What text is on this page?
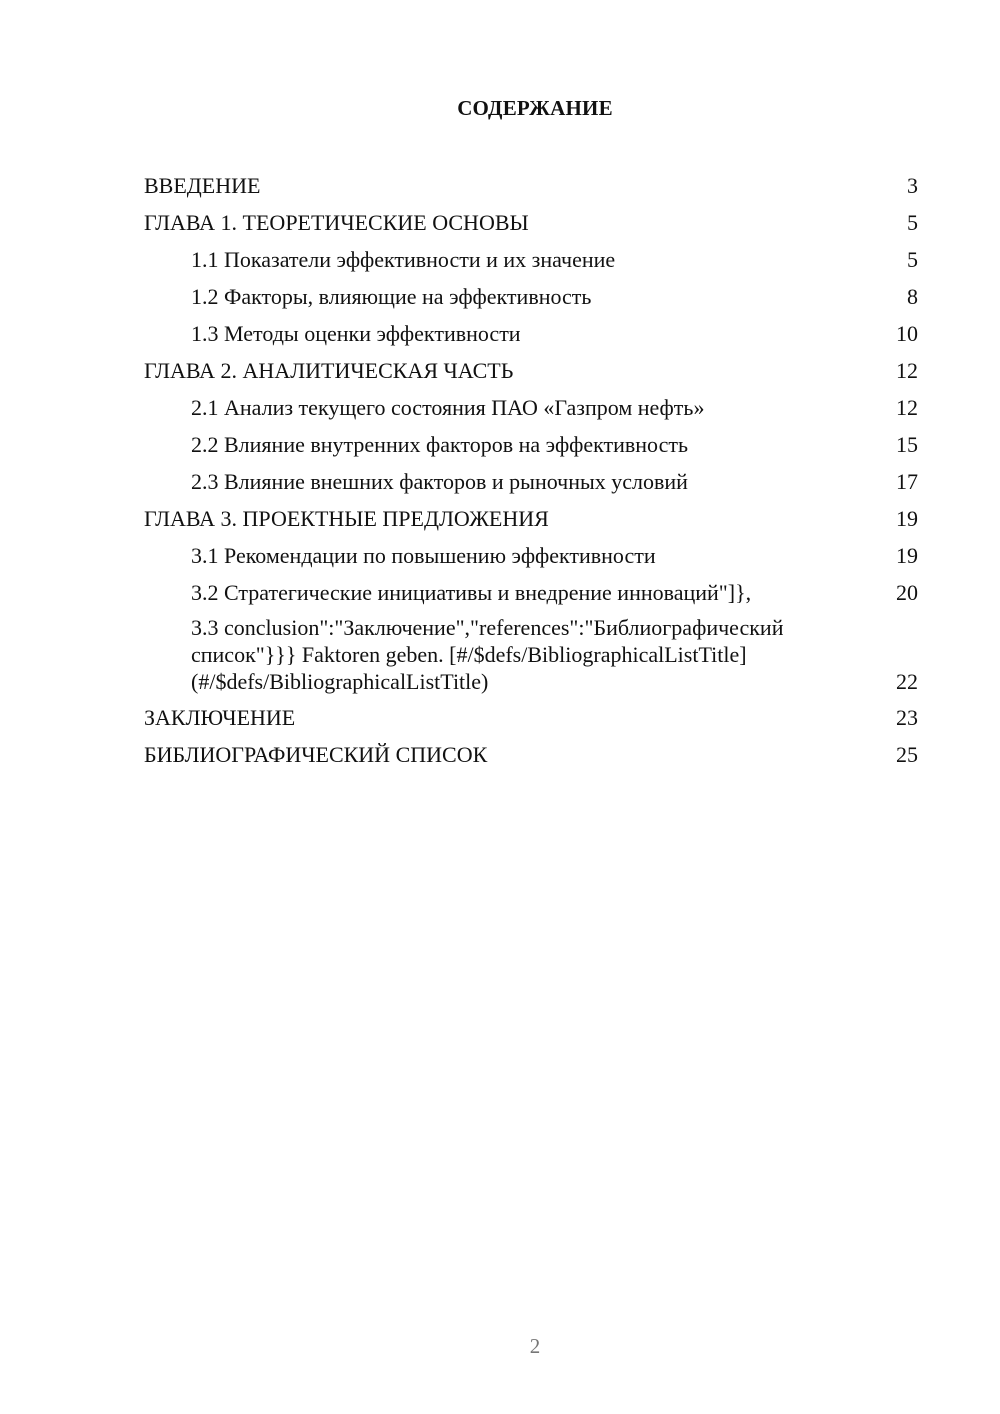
СОДЕРЖАНИЕ
ВВЕДЕНИЕ	3
ГЛАВА 1. ТЕОРЕТИЧЕСКИЕ ОСНОВЫ	5
1.1 Показатели эффективности и их значение	5
1.2 Факторы, влияющие на эффективность	8
1.3 Методы оценки эффективности	10
ГЛАВА 2. АНАЛИТИЧЕСКАЯ ЧАСТЬ	12
2.1 Анализ текущего состояния ПАО «Газпром нефть»	12
2.2 Влияние внутренних факторов на эффективность	15
2.3 Влияние внешних факторов и рыночных условий	17
ГЛАВА 3. ПРОЕКТНЫЕ ПРЕДЛОЖЕНИЯ	19
3.1 Рекомендации по повышению эффективности	19
3.2 Стратегические инициативы и внедрение инноваций"]},	20
3.3 conclusion":"Заключение","references":"Библиографический список"}}} Faktoren geben. [#/$defs/BibliographicalListTitle](#/$defs/BibliographicalListTitle)	22
ЗАКЛЮЧЕНИЕ	23
БИБЛИОГРАФИЧЕСКИЙ СПИСОК	25
2
